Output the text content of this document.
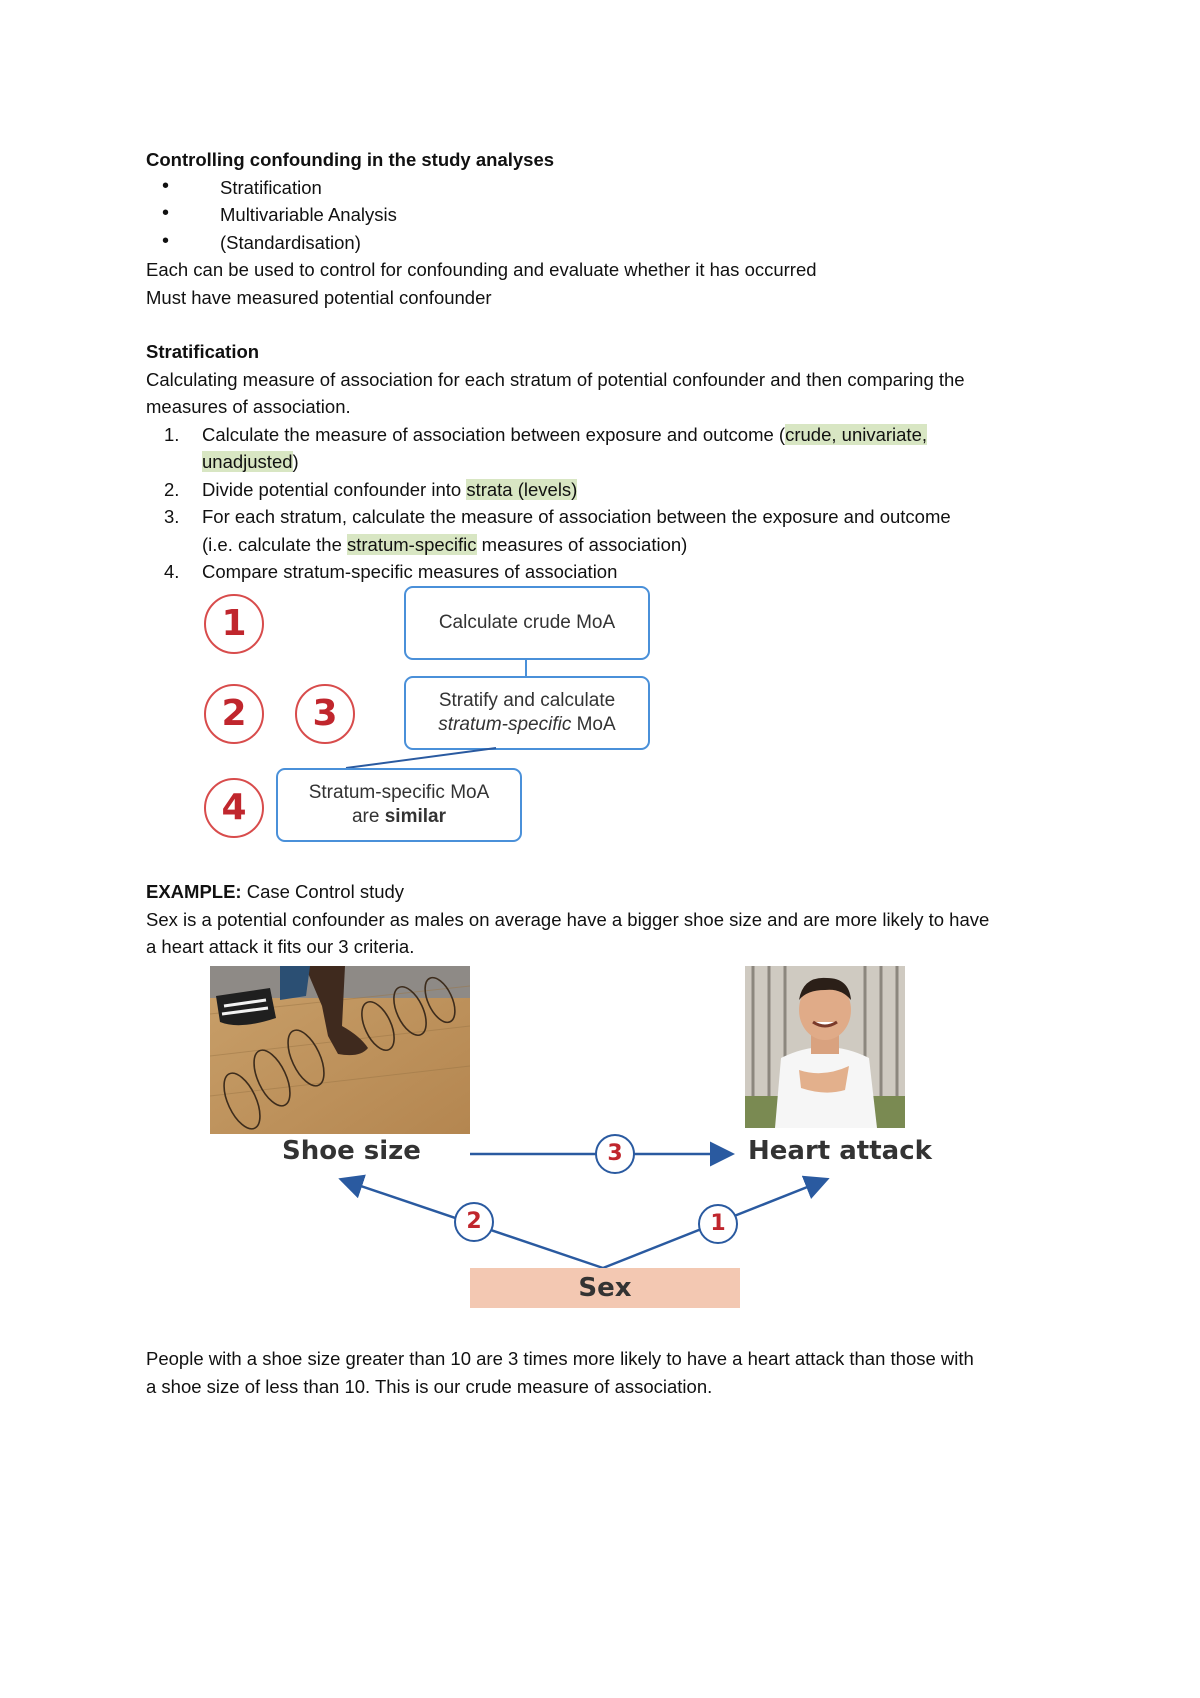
Controlling confounding in the study analyses
• Stratification
• Multivariable Analysis
• (Standardisation)
Each can be used to control for confounding and evaluate whether it has occurred
Must have measured potential confounder
Stratification
Calculating measure of association for each stratum of potential confounder and then comparing the
measures of association.
1. Calculate the measure of association between exposure and outcome (crude, univariate,
unadjusted)
2. Divide potential confounder into strata (levels)
3. For each stratum, calculate the measure of association between the exposure and outcome
(i.e. calculate the stratum-specific measures of association)
4. Compare stratum-specific measures of association
1
2	3
4
Calculate crude MoA
Stratify and calculate
stratum-specific MoA
Stratum-specific MoA
are similar
EXAMPLE: Case Control study
Sex is a potential confounder as males on average have a bigger shoe size and are more likely to have
a heart attack it fits our 3 criteria.
Shoe size	Heart attack
Sex
3
2	1
People with a shoe size greater than 10 are 3 times more likely to have a heart attack than those with
a shoe size of less than 10. This is our crude measure of association.
